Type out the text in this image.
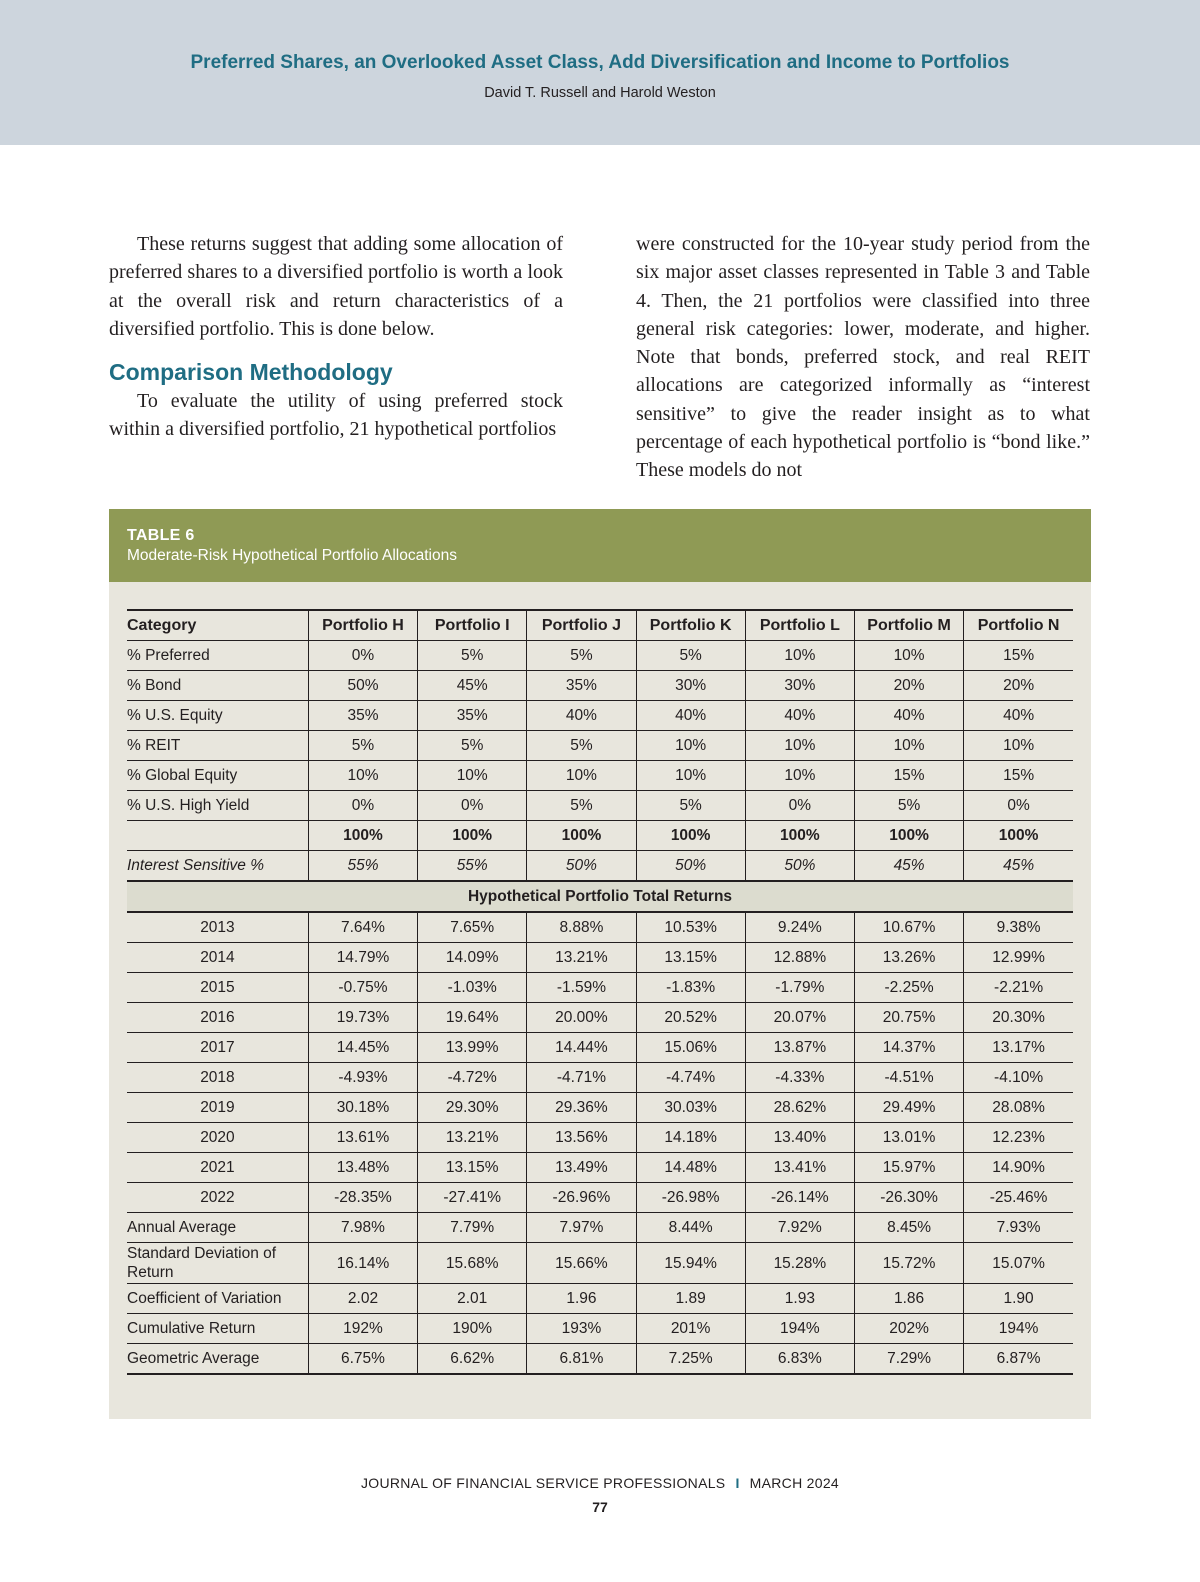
Preferred Shares, an Overlooked Asset Class, Add Diversification and Income to Portfolios
David T. Russell and Harold Weston

These returns suggest that adding some allocation of preferred shares to a diversified portfolio is worth a look at the overall risk and return characteristics of a diversified portfolio. This is done below.

Comparison Methodology

To evaluate the utility of using preferred stock within a diversified portfolio, 21 hypothetical portfolios

were constructed for the 10-year study period from the six major asset classes represented in Table 3 and Table 4. Then, the 21 portfolios were classified into three general risk categories: lower, moderate, and higher. Note that bonds, preferred stock, and real REIT allocations are categorized informally as “interest sensitive” to give the reader insight as to what percentage of each hypothetical portfolio is “bond like.” These models do not

TABLE 6
Moderate-Risk Hypothetical Portfolio Allocations
Category	Portfolio H	Portfolio I	Portfolio J	Portfolio K	Portfolio L	Portfolio M	Portfolio N
% Preferred	0%	5%	5%	5%	10%	10%	15%
% Bond	50%	45%	35%	30%	30%	20%	20%
% U.S. Equity	35%	35%	40%	40%	40%	40%	40%
% REIT	5%	5%	5%	10%	10%	10%	10%
% Global Equity	10%	10%	10%	10%	10%	15%	15%
% U.S. High Yield	0%	0%	5%	5%	0%	5%	0%
	100%	100%	100%	100%	100%	100%	100%
Interest Sensitive %	55%	55%	50%	50%	50%	45%	45%
Hypothetical Portfolio Total Returns							
2013	7.64%	7.65%	8.88%	10.53%	9.24%	10.67%	9.38%
2014	14.79%	14.09%	13.21%	13.15%	12.88%	13.26%	12.99%
2015	-0.75%	-1.03%	-1.59%	-1.83%	-1.79%	-2.25%	-2.21%
2016	19.73%	19.64%	20.00%	20.52%	20.07%	20.75%	20.30%
2017	14.45%	13.99%	14.44%	15.06%	13.87%	14.37%	13.17%
2018	-4.93%	-4.72%	-4.71%	-4.74%	-4.33%	-4.51%	-4.10%
2019	30.18%	29.30%	29.36%	30.03%	28.62%	29.49%	28.08%
2020	13.61%	13.21%	13.56%	14.18%	13.40%	13.01%	12.23%
2021	13.48%	13.15%	13.49%	14.48%	13.41%	15.97%	14.90%
2022	-28.35%	-27.41%	-26.96%	-26.98%	-26.14%	-26.30%	-25.46%
Annual Average	7.98%	7.79%	7.97%	8.44%	7.92%	8.45%	7.93%
Standard Deviation of Return	16.14%	15.68%	15.66%	15.94%	15.28%	15.72%	15.07%
Coefficient of Variation	2.02	2.01	1.96	1.89	1.93	1.86	1.90
Cumulative Return	192%	190%	193%	201%	194%	202%	194%
Geometric Average	6.75%	6.62%	6.81%	7.25%	6.83%	7.29%	6.87%
JOURNAL OF FINANCIAL SERVICE PROFESSIONALS I MARCH 2024
77
